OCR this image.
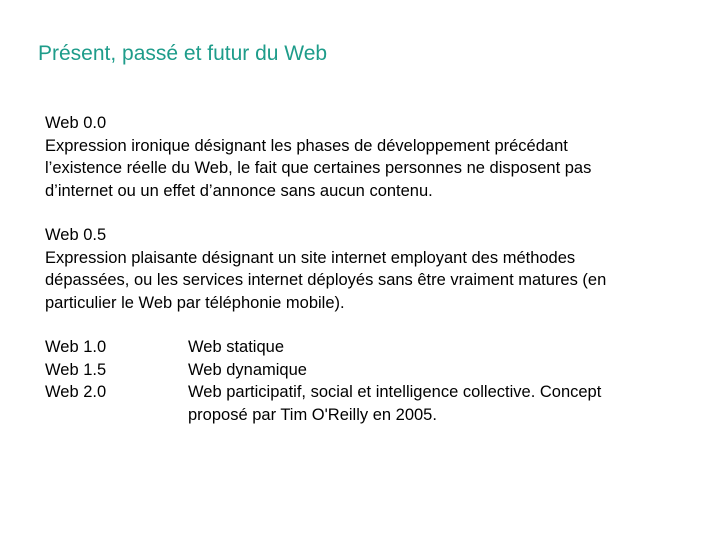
Présent, passé et futur du Web
Web 0.0
Expression ironique désignant les phases de développement précédant
l’existence réelle du Web, le fait que certaines personnes ne disposent pas
d’internet ou un effet d’annonce sans aucun contenu.
Web 0.5
Expression plaisante désignant un site internet employant des méthodes
dépassées, ou les services internet déployés sans être vraiment matures (en
particulier le Web par téléphonie mobile).
Web 1.0	Web statique
Web 1.5	Web dynamique
Web 2.0	Web participatif, social et intelligence collective. Concept proposé par Tim O'Reilly en 2005.
